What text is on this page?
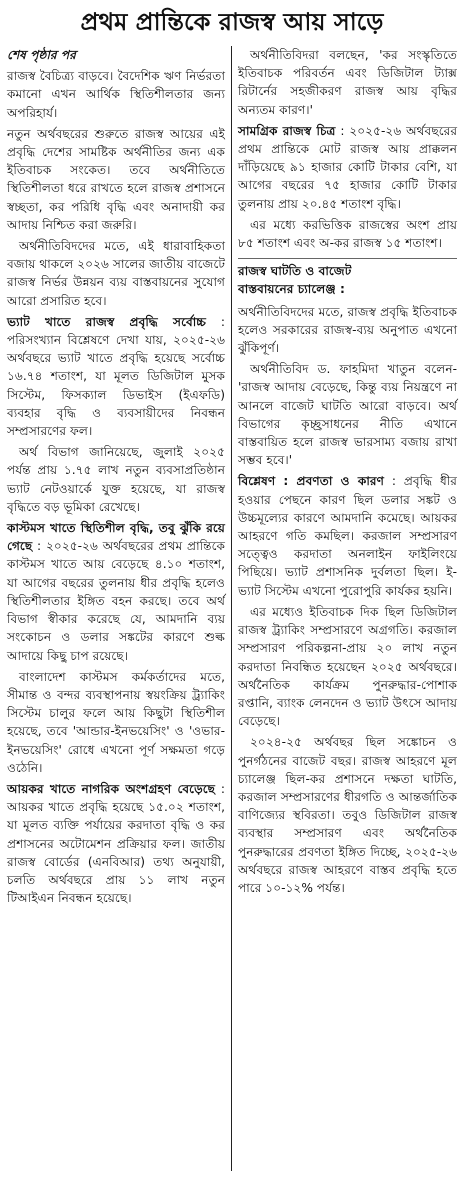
প্রথম প্রান্তিকে রাজস্ব আয় সাড়ে

শেষ পৃষ্ঠার পর

রাজস্ব বৈচিত্র্য বাড়বে। বৈদেশিক ঋণ নির্ভরতা কমানো এখন আর্থিক স্থিতিশীলতার জন্য অপরিহার্য।

নতুন অর্থবছরের শুরুতে রাজস্ব আয়ের এই প্রবৃদ্ধি দেশের সামষ্টিক অর্থনীতির জন্য এক ইতিবাচক সংকেত। তবে অর্থনীতিতে স্থিতিশীলতা ধরে রাখতে হলে রাজস্ব প্রশাসনে স্বচ্ছতা, কর পরিধি বৃদ্ধি এবং অনাদায়ী কর আদায় নিশ্চিত করা জরুরি।

অর্থনীতিবিদদের মতে, এই ধারাবাহিকতা বজায় থাকলে ২০২৬ সালের জাতীয় বাজেটে রাজস্ব নির্ভর উন্নয়ন ব্যয় বাস্তবায়নের সুযোগ আরো প্রসারিত হবে।

ভ্যাট খাতে রাজস্ব প্রবৃদ্ধি সর্বোচ্চ : পরিসংখ্যান বিশ্লেষণে দেখা যায়, ২০২৫-২৬ অর্থবছরে ভ্যাট খাতে প্রবৃদ্ধি হয়েছে সর্বোচ্চ ১৬.৭৪ শতাংশ, যা মূলত ডিজিটাল মুসক সিস্টেম, ফিসক্যাল ডিভাইস (ইএফডি) ব্যবহার বৃদ্ধি ও ব্যবসায়ীদের নিবন্ধন সম্প্রসারণের ফল।

অর্থ বিভাগ জানিয়েছে, জুলাই ২০২৫ পর্যন্ত প্রায় ১.৭৫ লাখ নতুন ব্যবসাপ্রতিষ্ঠান ভ্যাট নেটওয়ার্কে যুক্ত হয়েছে, যা রাজস্ব বৃদ্ধিতে বড় ভূমিকা রেখেছে।

কাস্টমস খাতে স্থিতিশীল বৃদ্ধি, তবু ঝুঁকি রয়ে গেছে : ২০২৫-২৬ অর্থবছরের প্রথম প্রান্তিকে কাস্টমস খাতে আয় বেড়েছে ৪.১০ শতাংশ, যা আগের বছরের তুলনায় ধীর প্রবৃদ্ধি হলেও স্থিতিশীলতার ইঙ্গিত বহন করছে। তবে অর্থ বিভাগ স্বীকার করেছে যে, আমদানি ব্যয় সংকোচন ও ডলার সঙ্কটের কারণে শুল্ক আদায়ে কিছু চাপ রয়েছে।

বাংলাদেশ কাস্টমস কর্মকর্তাদের মতে, সীমান্ত ও বন্দর ব্যবস্থাপনায় স্বয়ংক্রিয় ট্র্যাকিং সিস্টেম চালুর ফলে আয় কিছুটা স্থিতিশীল হয়েছে, তবে 'আন্ডার-ইনভয়েসিং' ও 'ওভার-ইনভয়েসিং' রোধে এখনো পূর্ণ সক্ষমতা গড়ে ওঠেনি।

আয়কর খাতে নাগরিক অংশগ্রহণ বেড়েছে : আয়কর খাতে প্রবৃদ্ধি হয়েছে ১৫.০২ শতাংশ, যা মূলত ব্যক্তি পর্যায়ের করদাতা বৃদ্ধি ও কর প্রশাসনের অটোমেশন প্রক্রিয়ার ফল। জাতীয় রাজস্ব বোর্ডের (এনবিআর) তথ্য অনুযায়ী, চলতি অর্থবছরে প্রায় ১১ লাখ নতুন টিআইএন নিবন্ধন হয়েছে।

অর্থনীতিবিদরা বলছেন, 'কর সংস্কৃতিতে ইতিবাচক পরিবর্তন এবং ডিজিটাল ট্যাক্স রিটার্নের সহজীকরণ রাজস্ব আয় বৃদ্ধির অন্যতম কারণ।'

সামগ্রিক রাজস্ব চিত্র : ২০২৫-২৬ অর্থবছরের প্রথম প্রান্তিকে মোট রাজস্ব আয় প্রাক্কলন দাঁড়িয়েছে ৯১ হাজার কোটি টাকার বেশি, যা আগের বছরের ৭৫ হাজার কোটি টাকার তুলনায় প্রায় ২০.৪৫ শতাংশ বৃদ্ধি।

এর মধ্যে করভিত্তিক রাজস্বের অংশ প্রায় ৮৫ শতাংশ এবং অ-কর রাজস্ব ১৫ শতাংশ।

রাজস্ব ঘাটতি ও বাজেট
বাস্তবায়নের চ্যালেঞ্জ :

অর্থনীতিবিদদের মতে, রাজস্ব প্রবৃদ্ধি ইতিবাচক হলেও সরকারের রাজস্ব-ব্যয় অনুপাত এখনো ঝুঁকিপূর্ণ।

অর্থনীতিবিদ ড. ফাহমিদা খাতুন বলেন- 'রাজস্ব আদায় বেড়েছে, কিন্তু ব্যয় নিয়ন্ত্রণে না আনলে বাজেট ঘাটতি আরো বাড়বে। অর্থ বিভাগের কৃচ্ছ্রসাধনের নীতি এখানে বাস্তবায়িত হলে রাজস্ব ভারসাম্য বজায় রাখা সম্ভব হবে।'

বিশ্লেষণ : প্রবণতা ও কারণ : প্রবৃদ্ধি ধীর হওয়ার পেছনে কারণ ছিল ডলার সঙ্কট ও উচ্চমূল্যের কারণে আমদানি কমেছে। আয়কর আহরণে গতি কমছিল। করজাল সম্প্রসারণ সত্ত্বেও করদাতা অনলাইন ফাইলিংয়ে পিছিয়ে। ভ্যাট প্রশাসনিক দুর্বলতা ছিল। ই-ভ্যাট সিস্টেম এখনো পুরোপুরি কার্যকর হয়নি।

এর মধ্যেও ইতিবাচক দিক ছিল ডিজিটাল রাজস্ব ট্র্যাকিং সম্প্রসারণে অগ্রগতি। করজাল সম্প্রসারণ পরিকল্পনা-প্রায় ২০ লাখ নতুন করদাতা নিবন্ধিত হয়েছেন ২০২৫ অর্থবছরে। অর্থনৈতিক কার্যক্রম পুনরুদ্ধার-পোশাক রপ্তানি, ব্যাংক লেনদেন ও ভ্যাট উৎসে আদায় বেড়েছে।

২০২৪-২৫ অর্থবছর ছিল সঙ্কোচন ও পুনর্গঠনের বাজেট বছর। রাজস্ব আহরণে মূল চ্যালেঞ্জ ছিল-কর প্রশাসনে দক্ষতা ঘাটতি, করজাল সম্প্রসারণের ধীরগতি ও আন্তর্জাতিক বাণিজ্যের স্থবিরতা। তবুও ডিজিটাল রাজস্ব ব্যবস্থার সম্প্রসারণ এবং অর্থনৈতিক পুনরুদ্ধারের প্রবণতা ইঙ্গিত দিচ্ছে, ২০২৫-২৬ অর্থবছরে রাজস্ব আহরণে বাস্তব প্রবৃদ্ধি হতে পারে ১০-১২% পর্যন্ত।
